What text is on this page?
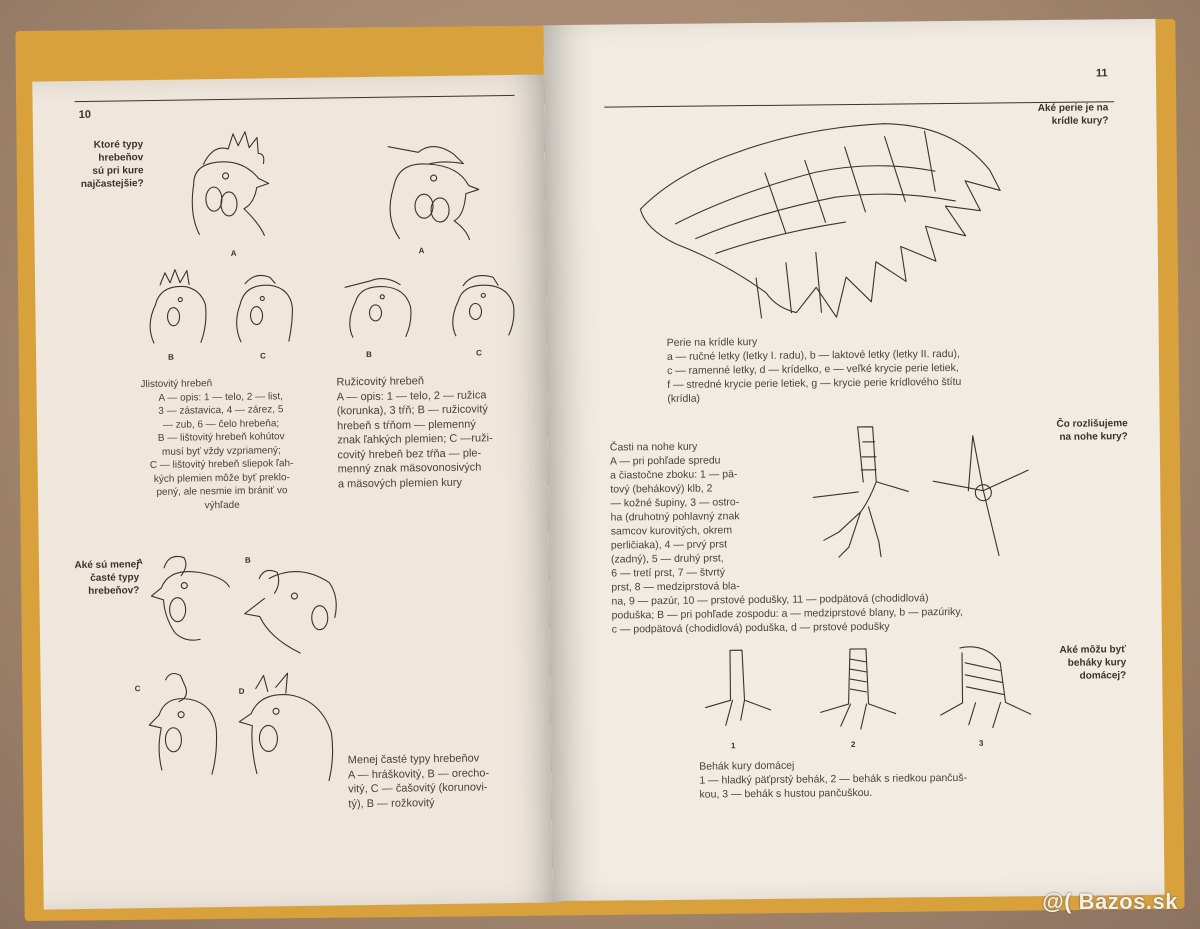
10
Ktoré typy
hrebeňov
sú pri kure
najčastejšie?
A	A
B	C	B	C
Jlistovitý hrebeň
A — opis: 1 — telo, 2 — list,
3 — zástavica, 4 — zárez, 5
— zub, 6 — čelo hrebeňa;
B — lištovitý hrebeň kohútov
musí byť vždy vzpriamený;
C — lištovitý hrebeň sliepok ľah-
kých plemien môže byť preklo-
pený, ale nesmie im brániť vo
výhľade
Ružicovitý hrebeň
A — opis: 1 — telo, 2 — ružica
(korunka), 3 tŕň; B — ružicovitý
hrebeň s tŕňom — plemenný
znak ľahkých plemien; C —ruži-
covitý hrebeň bez tŕňa — ple-
menný znak mäsovonosivých
a mäsových plemien kury
Aké sú menej
časté typy
hrebeňov?
A	B
C	D
Menej časté typy hrebeňov
A — hráškovitý, B — orecho-
vitý, C — čašovitý (korunovi-
tý), B — rožkovitý
11
Aké perie je na
krídle kury?
Perie na krídle kury
a — ručné letky (letky I. radu), b — laktové letky (letky II. radu),
c — ramenné letky, d — krídelko, e — veľké krycie perie letiek,
f — stredné krycie perie letiek, g — krycie perie krídlového štítu
(krídla)
Čo rozlišujeme
na nohe kury?
Časti na nohe kury
A — pri pohľade spredu
a čiastočne zboku: 1 — pä-
tový (behákový) klb, 2
— kožné šupiny, 3 — ostro-
ha (druhotný pohlavný znak
samcov kurovitých, okrem
perličiaka), 4 — prvý prst
(zadný), 5 — druhý prst,
6 — tretí prst, 7 — štvrtý
prst, 8 — medziprstová bla-
na, 9 — pazúr, 10 — prstové podušky, 11 — podpätová (chodidlová)
poduška; B — pri pohľade zospodu: a — medziprstové blany, b — pazúriky,
c — podpätová (chodidlová) poduška, d — prstové podušky
Aké môžu byť
beháky kury
domácej?
1	2	3
Behák kury domácej
1 — hladký päťprstý behák, 2 — behák s riedkou pančuš-
kou, 3 — behák s hustou pančuškou.
@( Bazos.sk
